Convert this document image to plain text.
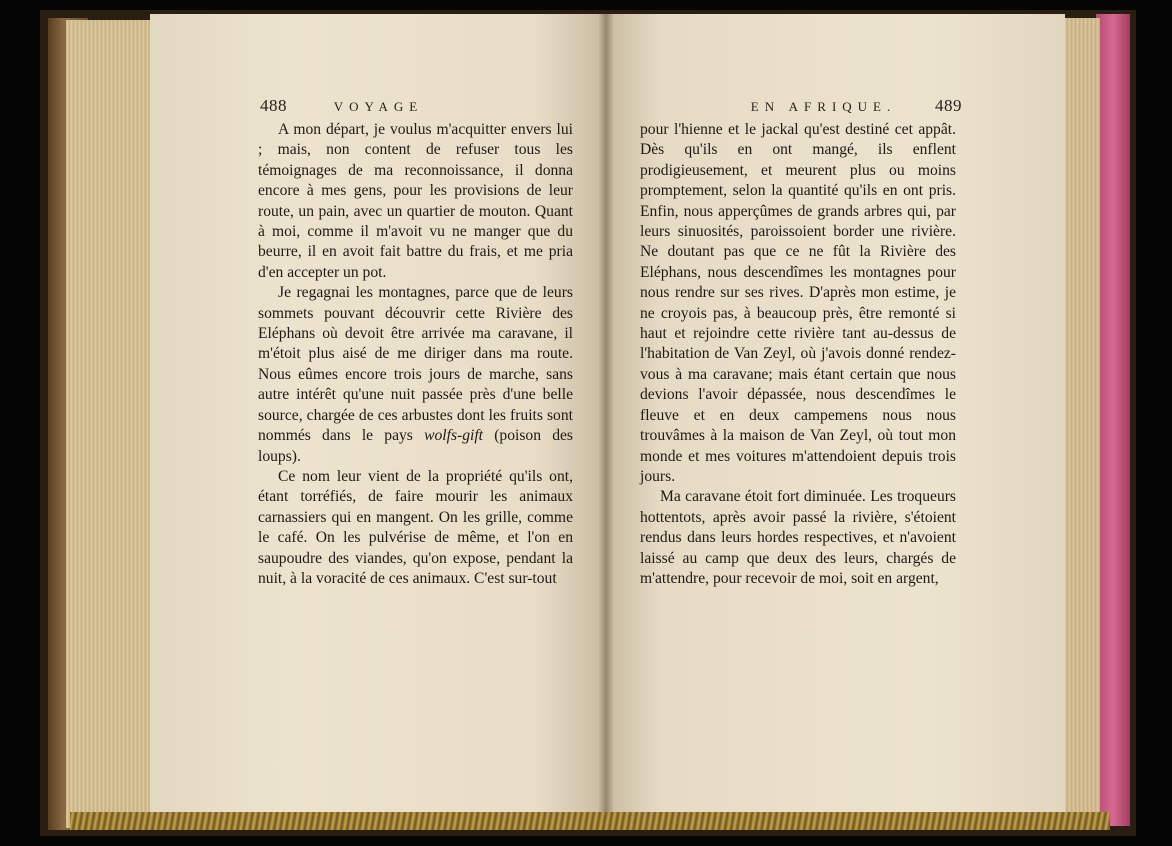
488	VOYAGE	EN AFRIQUE. 489

A mon départ, je voulus m'acquitter envers lui ; mais, non content de refuser tous les témoignages de ma reconnoissance, il donna encore à mes gens, pour les provisions de leur route, un pain, avec un quartier de mouton. Quant à moi, comme il m'avoit vu ne manger que du beurre, il en avoit fait battre du frais, et me pria d'en accepter un pot.

Je regagnai les montagnes, parce que de leurs sommets pouvant découvrir cette Rivière des Eléphans où devoit être arrivée ma caravane, il m'étoit plus aisé de me diriger dans ma route. Nous eûmes encore trois jours de marche, sans autre intérêt qu'une nuit passée près d'une belle source, chargée de ces arbustes dont les fruits sont nommés dans le pays wolfs-gift (poison des loups).

Ce nom leur vient de la propriété qu'ils ont, étant torréfiés, de faire mourir les animaux carnassiers qui en mangent. On les grille, comme le café. On les pulvérise de même, et l'on en saupoudre des viandes, qu'on expose, pendant la nuit, à la voracité de ces animaux. C'est sur-tout

pour l'hienne et le jackal qu'est destiné cet appât. Dès qu'ils en ont mangé, ils enflent prodigieusement, et meurent plus ou moins promptement, selon la quantité qu'ils en ont pris. Enfin, nous apperçûmes de grands arbres qui, par leurs sinuosités, paroissoient border une rivière. Ne doutant pas que ce ne fût la Rivière des Eléphans, nous descendîmes les montagnes pour nous rendre sur ses rives. D'après mon estime, je ne croyois pas, à beaucoup près, être remonté si haut et rejoindre cette rivière tant au-dessus de l'habitation de Van Zeyl, où j'avois donné rendez-vous à ma caravane; mais étant certain que nous devions l'avoir dépassée, nous descendîmes le fleuve et en deux campemens nous nous trouvâmes à la maison de Van Zeyl, où tout mon monde et mes voitures m'attendoient depuis trois jours.

Ma caravane étoit fort diminuée. Les troqueurs hottentots, après avoir passé la rivière, s'étoient rendus dans leurs hordes respectives, et n'avoient laissé au camp que deux des leurs, chargés de m'attendre, pour recevoir de moi, soit en argent,
